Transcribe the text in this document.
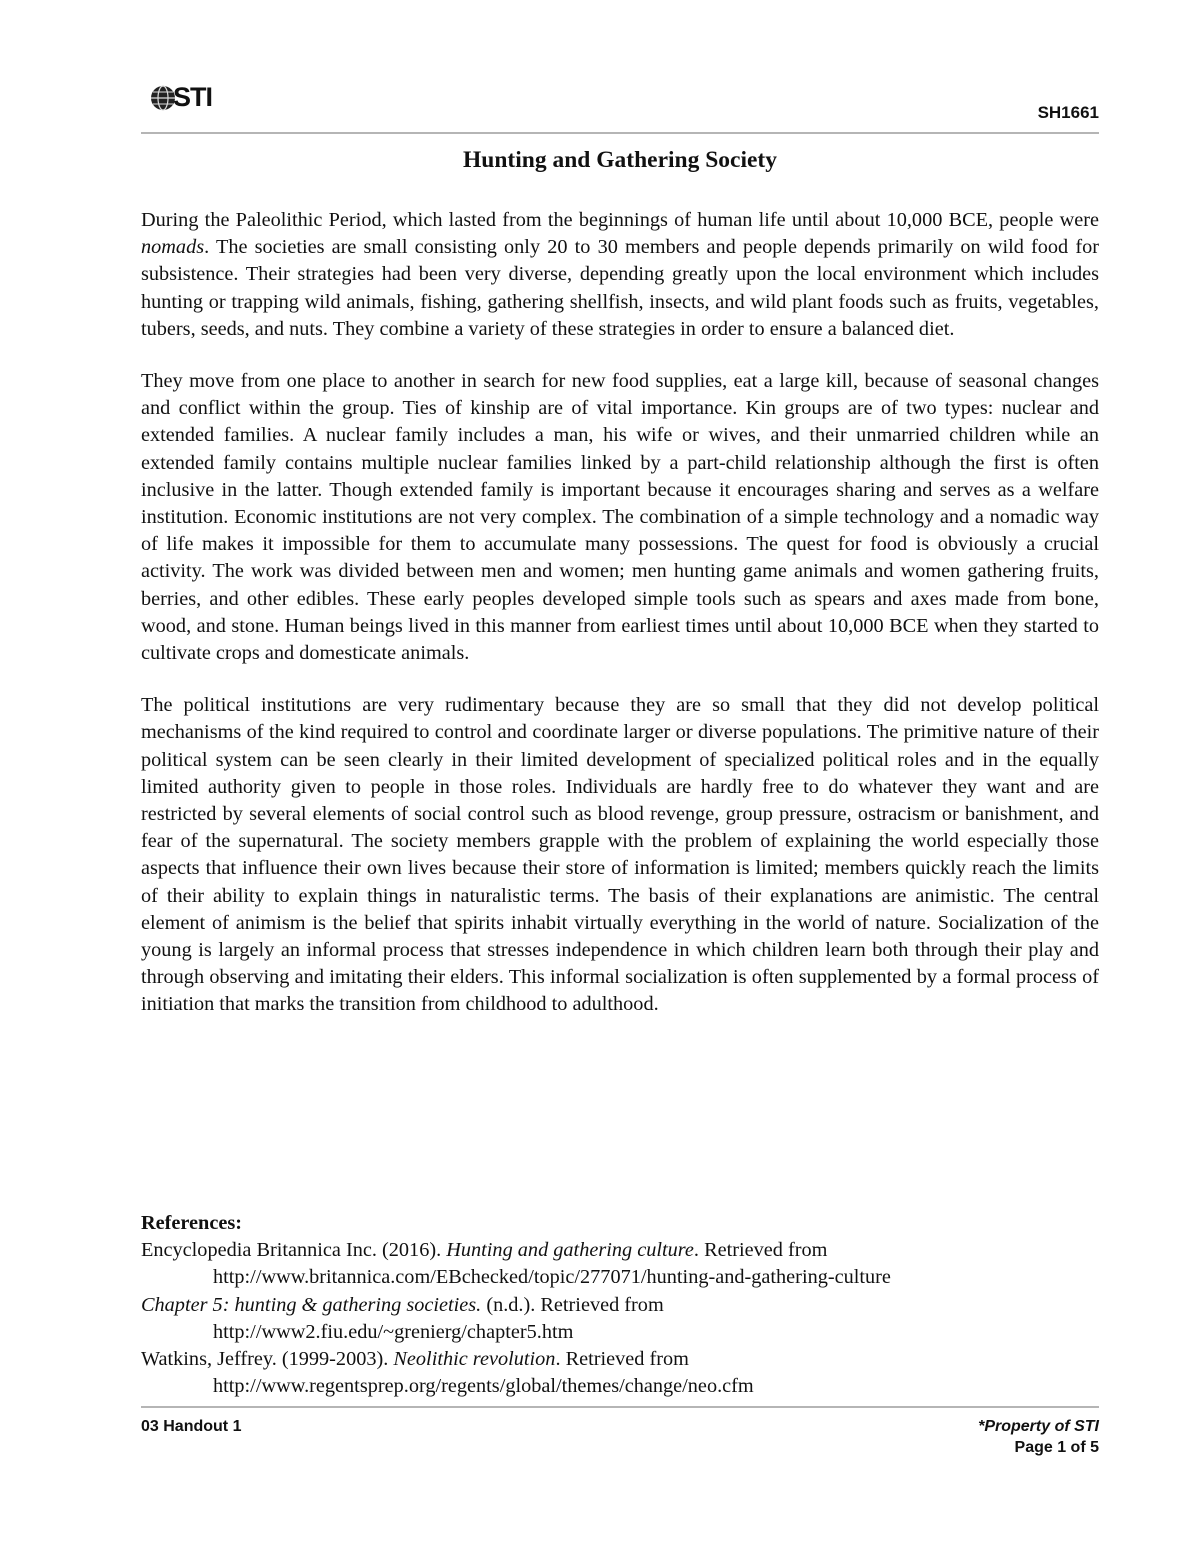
STI
SH1661
Hunting and Gathering Society

During the Paleolithic Period, which lasted from the beginnings of human life until about 10,000 BCE, people were nomads. The societies are small consisting only 20 to 30 members and people depends primarily on wild food for subsistence. Their strategies had been very diverse, depending greatly upon the local environment which includes hunting or trapping wild animals, fishing, gathering shellfish, insects, and wild plant foods such as fruits, vegetables, tubers, seeds, and nuts. They combine a variety of these strategies in order to ensure a balanced diet.

They move from one place to another in search for new food supplies, eat a large kill, because of seasonal changes and conflict within the group. Ties of kinship are of vital importance. Kin groups are of two types: nuclear and extended families. A nuclear family includes a man, his wife or wives, and their unmarried children while an extended family contains multiple nuclear families linked by a part-child relationship although the first is often inclusive in the latter. Though extended family is important because it encourages sharing and serves as a welfare institution. Economic institutions are not very complex. The combination of a simple technology and a nomadic way of life makes it impossible for them to accumulate many possessions. The quest for food is obviously a crucial activity. The work was divided between men and women; men hunting game animals and women gathering fruits, berries, and other edibles. These early peoples developed simple tools such as spears and axes made from bone, wood, and stone. Human beings lived in this manner from earliest times until about 10,000 BCE when they started to cultivate crops and domesticate animals.

The political institutions are very rudimentary because they are so small that they did not develop political mechanisms of the kind required to control and coordinate larger or diverse populations. The primitive nature of their political system can be seen clearly in their limited development of specialized political roles and in the equally limited authority given to people in those roles. Individuals are hardly free to do whatever they want and are restricted by several elements of social control such as blood revenge, group pressure, ostracism or banishment, and fear of the supernatural. The society members grapple with the problem of explaining the world especially those aspects that influence their own lives because their store of information is limited; members quickly reach the limits of their ability to explain things in naturalistic terms. The basis of their explanations are animistic. The central element of animism is the belief that spirits inhabit virtually everything in the world of nature. Socialization of the young is largely an informal process that stresses independence in which children learn both through their play and through observing and imitating their elders. This informal socialization is often supplemented by a formal process of initiation that marks the transition from childhood to adulthood.

References:
Encyclopedia Britannica Inc. (2016). Hunting and gathering culture. Retrieved from
http://www.britannica.com/EBchecked/topic/277071/hunting-and-gathering-culture
Chapter 5: hunting & gathering societies. (n.d.). Retrieved from
http://www2.fiu.edu/~grenierg/chapter5.htm
Watkins, Jeffrey. (1999-2003). Neolithic revolution. Retrieved from
http://www.regentsprep.org/regents/global/themes/change/neo.cfm
03 Handout 1	*Property of STI
Page 1 of 5
